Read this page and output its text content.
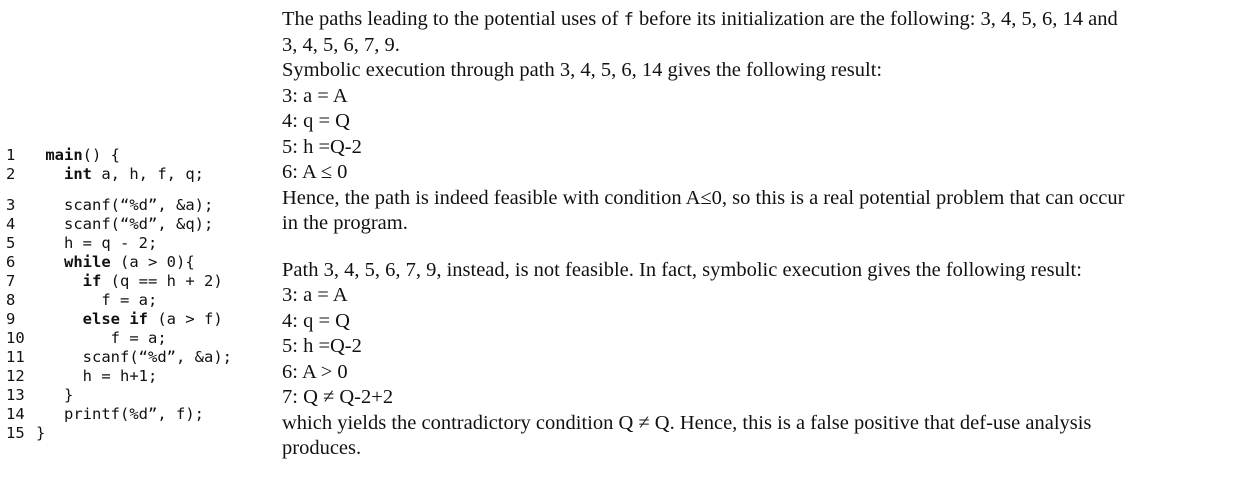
1	main() {
2	int a, h, f, q;
3	scanf(“%d”, &a);
4	scanf(“%d”, &q);
5	h = q - 2;
6	while (a > 0){
7	if (q == h + 2)
8	f = a;
9	else if (a > f)
10	f = a;
11	scanf(“%d”, &a);
12	h = h+1;
13	}
14	printf(%d”, f);
15 }
The paths leading to the potential uses of f before its initialization are the following: 3, 4, 5, 6, 14 and
3, 4, 5, 6, 7, 9.
Symbolic execution through path 3, 4, 5, 6, 14 gives the following result:
3: a = A
4: q = Q
5: h =Q-2
6: A ≤ 0
Hence, the path is indeed feasible with condition A≤0, so this is a real potential problem that can occur
in the program.
Path 3, 4, 5, 6, 7, 9, instead, is not feasible. In fact, symbolic execution gives the following result:
3: a = A
4: q = Q
5: h =Q-2
6: A > 0
7: Q ≠ Q-2+2
which yields the contradictory condition Q ≠ Q. Hence, this is a false positive that def-use analysis
produces.
